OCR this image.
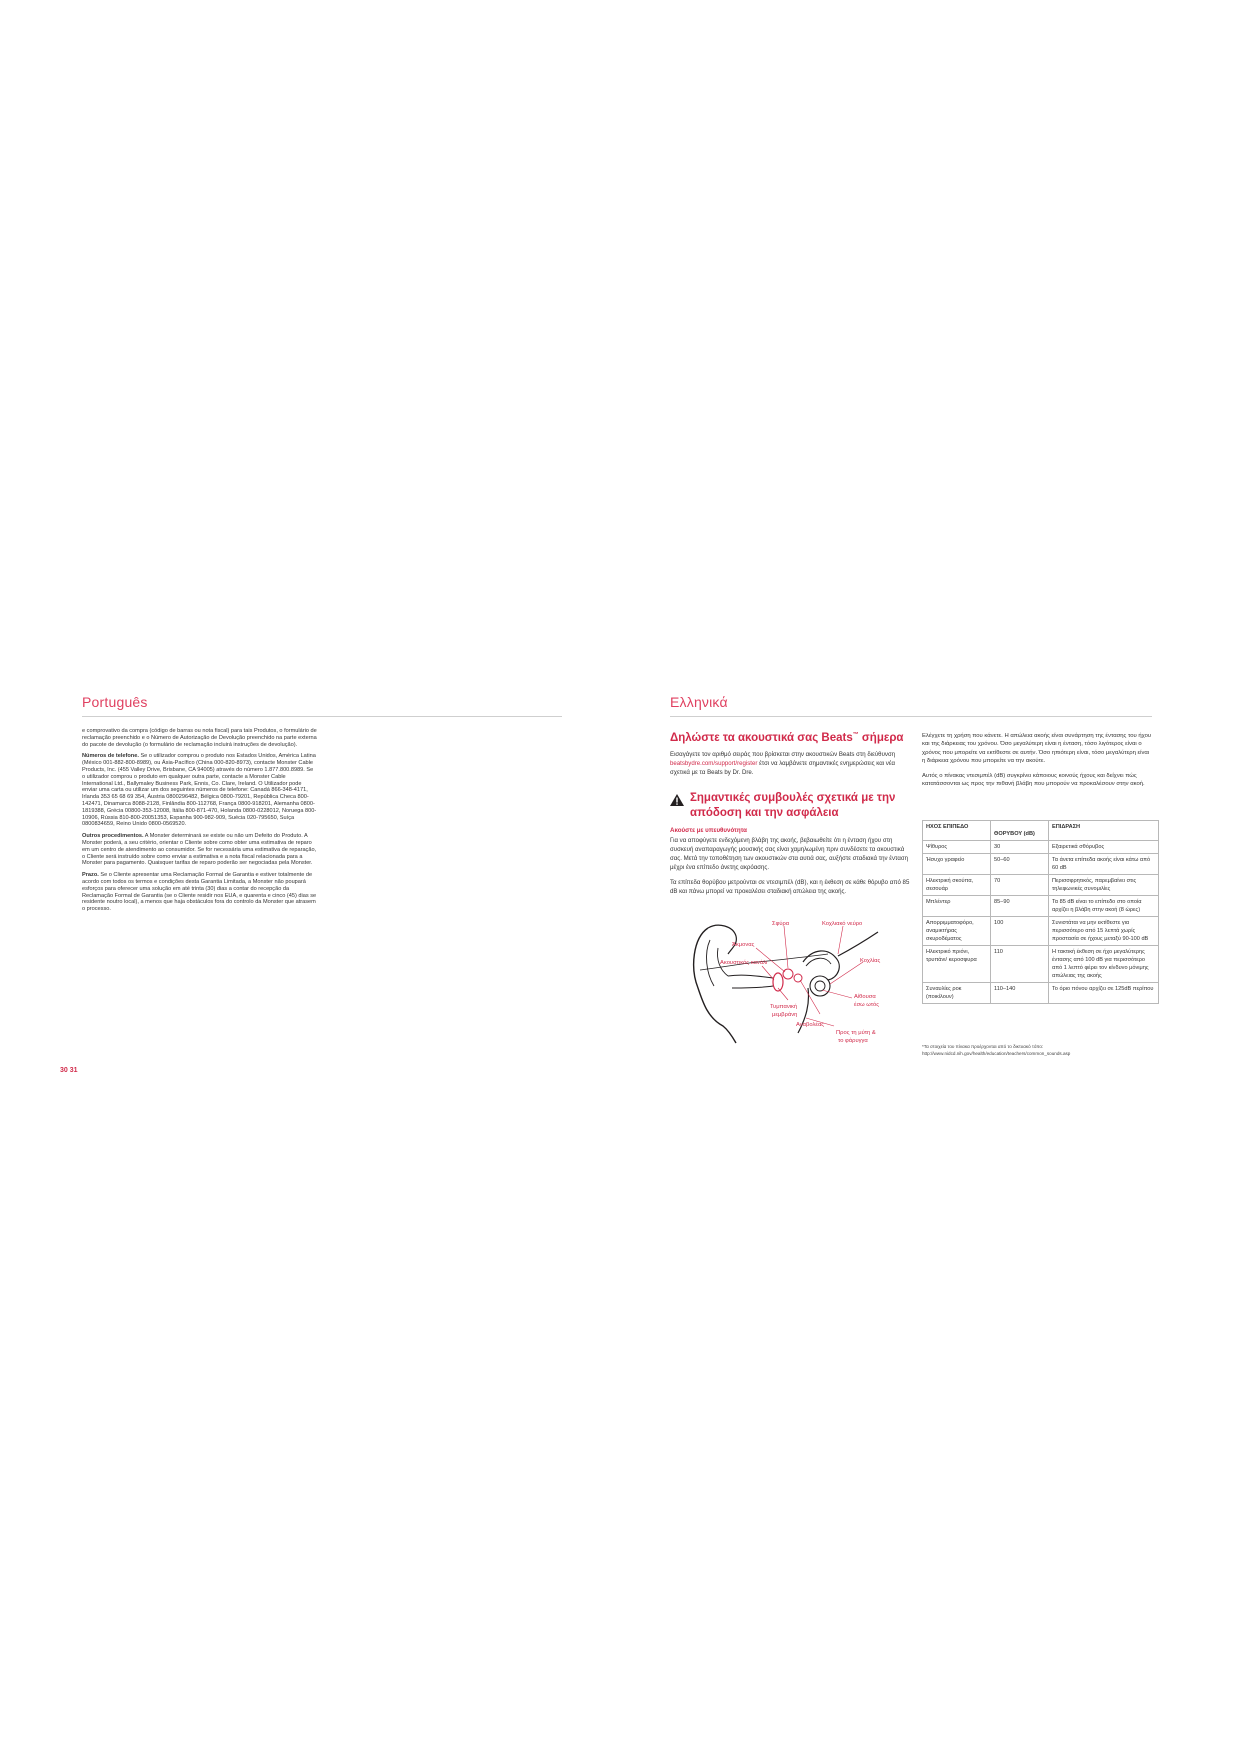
Português

e comprovativo da compra (código de barras ou nota fiscal) para tais Produtos, o formulário de reclamação preenchido e o Número de Autorização de Devolução preenchido na parte externa do pacote de devolução (o formulário de reclamação incluirá instruções de devolução).

Números de telefone. Se o utilizador comprou o produto nos Estados Unidos, América Latina (México 001-882-800-8989), ou Ásia-Pacífico (China 000-820-8973), contacte Monster Cable Products, Inc. (455 Valley Drive, Brisbane, CA 94005) através do número 1.877.800.8989. Se o utilizador comprou o produto em qualquer outra parte, contacte a Monster Cable International Ltd., Ballymaley Business Park, Ennis, Co. Clare, Ireland. O Utilizador pode enviar uma carta ou utilizar um dos seguintes números de telefone: Canadá 866-348-4171, Irlanda 353 65 68 69 354, Áustria 0800296482, Bélgica 0800-79201, República Checa 800-142471, Dinamarca 8088-2128, Finlândia 800-112768, França 0800-918201, Alemanha 0800-1819388, Grécia 00800-353-12008, Itália 800-871-470, Holanda 0800-0228012, Noruega 800-10906, Rússia 810-800-20051353, Espanha 900-982-909, Suécia 020-795650, Suíça 0800834659, Reino Unido 0800-0569520.

Outros procedimentos. A Monster determinará se existe ou não um Defeito do Produto. A Monster poderá, a seu critério, orientar o Cliente sobre como obter uma estimativa de reparo em um centro de atendimento ao consumidor. Se for necessária uma estimativa de reparação, o Cliente será instruído sobre como enviar a estimativa e a nota fiscal relacionada para a Monster para pagamento. Quaisquer tarifas de reparo poderão ser negociadas pela Monster.

Prazo. Se o Cliente apresentar uma Reclamação Formal de Garantia e estiver totalmente de acordo com todos os termos e condições desta Garantia Limitada, a Monster não poupará esforços para oferecer uma solução em até trinta (30) dias a contar do recepção da Reclamação Formal de Garantia (se o Cliente residir nos EUA, e quarenta e cinco (45) dias se residente noutro local), a menos que haja obstáculos fora do controlo da Monster que atrasem o processo.

30 31
Ελληνικά
Δηλώστε τα ακουστικά σας Beats™ σήμερα
Εισαγάγετε τον αριθμό σειράς που βρίσκεται στην ακουστικών Beats στη διεύθυνση beatsbydre.com/support/register έτσι να λαμβάνετε σημαντικές ενημερώσεις και νέα σχετικά με τα Beats by Dr. Dre.
Σημαντικές συμβουλές σχετικά με την απόδοση και την ασφάλεια
Ακούστε με υπευθυνότητα

Για να αποφύγετε ενδεχόμενη βλάβη της ακοής, βεβαιωθείτε ότι η ένταση ήχου στη συσκευή αναπαραγωγής μουσικής σας είναι χαμηλωμένη πριν συνδέσετε τα ακουστικά σας. Μετά την τοποθέτηση των ακουστικών στα αυτιά σας, αυξήστε σταδιακά την ένταση μέχρι ένα επίπεδο άνετης ακρόασης.

Τα επίπεδα θορύβου μετρούνται σε ντεσιμπέλ (dB), και η έκθεση σε κάθε θόρυβο από 85 dB και πάνω μπορεί να προκαλέσει σταδιακή απώλεια της ακοής.

Σφύρα	Κοχλιακό νεύρο
Άκμονας
Κοχλίας
Ακουστικός κανάλι
Τυμπανική
μεμβράνη
Αίθουσα
έσω ωτός
Αναβολέας
Προς τη μύτη &
το φάρυγγα

Ελέγχετε τη χρήση που κάνετε. Η απώλεια ακοής είναι συνάρτηση της έντασης του ήχου και της διάρκειας του χρόνου. Όσο μεγαλύτερη είναι η ένταση, τόσο λιγότερος είναι ο χρόνος που μπορείτε να εκτίθεστε σε αυτήν. Όσο ηπιότερη είναι, τόσο μεγαλύτερη είναι η διάρκεια χρόνου που μπορείτε να την ακούτε.

Αυτός ο πίνακας ντεσιμπέλ (dB) συγκρίνει κάποιους κοινούς ήχους και δείχνει πώς κατατάσσονται ως προς την πιθανή βλάβη που μπορούν να προκαλέσουν στην ακοή.

ΗΧΟΣ ΕΠΙΠΕΔΟ	ΘΟΡΥΒΟΥ (dB)	ΕΠΙΔΡΑΣΗ
Ψίθυρος	30	Εξαιρετικά σθόρυβος
Ήσυχο γραφείο	50–60	Τα άνετα επίπεδα ακοής είναι κάτω από 60 dB
Ηλεκτρική σκούπα, σεσουάρ	70	Περισσφρητικός, παρεμβαίνει στις τηλεφωνικές συνομιλίες
Μπλέντερ	85–90	Τα 85 dB είναι το επίπεδο στο οποία αρχίζει η βλάβη στην ακοή (8 ώρες)
Απορριμματοφόρο, αναμικτήρας σκυροδέματος	100	Συνιστάται να μην εκτίθεστε για περισσότερο από 15 λεπτά χωρίς προστασία σε ήχους μεταξύ 90-100 dB
Ηλεκτρικό πριόνι, τρυπάνι/ κεροσφυρα	110	Η τακτική έκθεση σε ήχο μεγαλύτερης έντασης από 100 dB για περισσότερο από 1 λεπτό φέρει τον κίνδυνο μόνιμης απώλειας της ακοής
Συναυλίες ροκ (ποικίλουν)	110–140	Το όριο πόνου αρχίζει σε 125dB περίπου
*Τα στοιχεία του πίνακα προέρχονται από το δικτυακό τόπο: http://www.nidcd.nih.gov/health/education/teachers/common_sounds.asp
